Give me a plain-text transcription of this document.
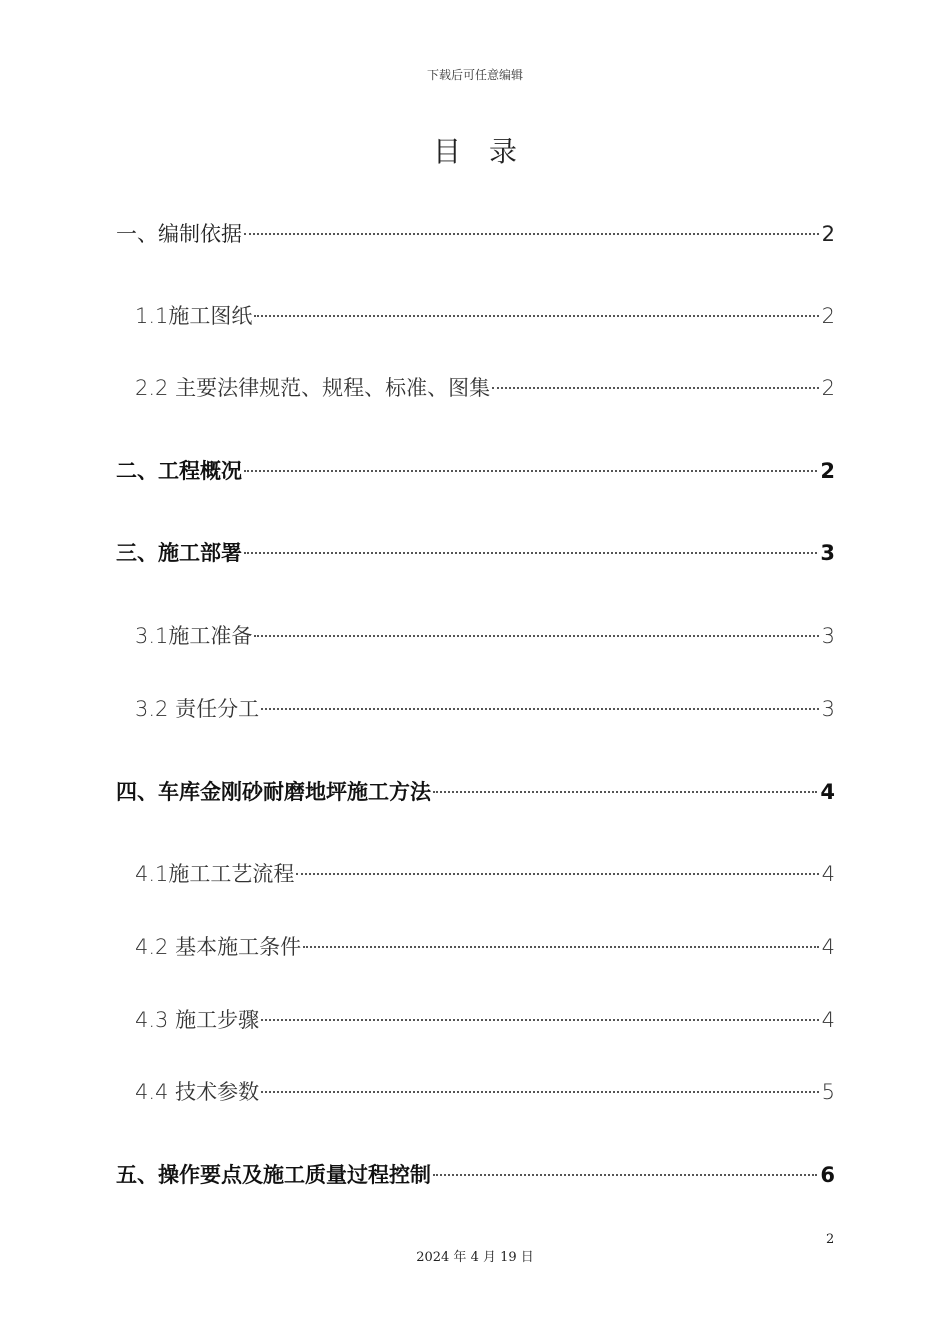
下载后可任意编辑
目录
一、编制依据	2
1.1施工图纸	2
2.2 主要法律规范、规程、标准、图集	2
二、工程概况	2
三、施工部署	3
3.1施工准备	3
3.2 责任分工	3
四、车库金刚砂耐磨地坪施工方法	4
4.1施工工艺流程	4
4.2 基本施工条件	4
4.3 施工步骤	4
4.4 技术参数	5
五、操作要点及施工质量过程控制	6
2
2024 年 4 月 19 日
